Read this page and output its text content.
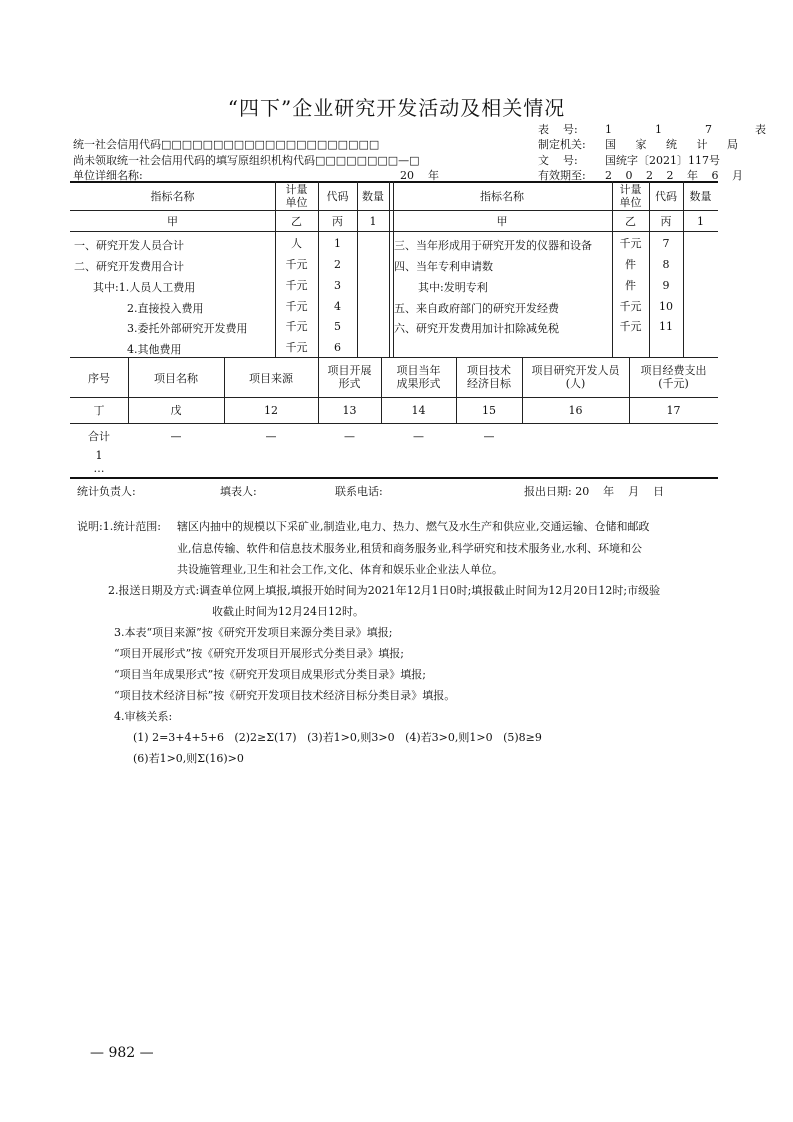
“四下”企业研究开发活动及相关情况
统一社会信用代码□□□□□□□□□□□□□□□□□□□□□
尚未领取统一社会信用代码的填写原组织机构代码□□□□□□□□—□
单位详细名称:	20    年
表    号: 1  1  7  表
制定机关: 国 家 统 计 局
文    号: 国统字〔2021〕117号
有效期至: 2 0 2 2 年 6 月
指标名称
计量
单位	代码	数量	指标名称
计量
单位	代码	数量
甲	乙	丙	1	甲	乙	丙	1
一、研究开发人员合计	人	1
二、研究开发费用合计	千元	2
其中:1.人员人工费用	千元	3
2.直接投入费用	千元	4
3.委托外部研究开发费用	千元	5
4.其他费用	千元	6
三、当年形成用于研究开发的仪器和设备	千元	7
四、当年专利申请数	件	8
其中:发明专利	件	9
五、来自政府部门的研究开发经费	千元	10
六、研究开发费用加计扣除减免税	千元	11
序号	项目名称	项目来源
项目开展
形式
项目当年
成果形式
项目技术
经济目标
项目研究开发人员
(人)
项目经费支出
(千元)
丁	戊	12	13	14	15	16	17
合计	—	—	—	—	—
1
…
统计负责人:	填表人:	联系电话:	报出日期: 20    年    月    日
说明:1.统计范围: 辖区内抽中的规模以下采矿业,制造业,电力、热力、燃气及水生产和供应业,交通运输、仓储和邮政
业,信息传输、软件和信息技术服务业,租赁和商务服务业,科学研究和技术服务业,水利、环境和公
共设施管理业,卫生和社会工作,文化、体育和娱乐业企业法人单位。
2.报送日期及方式:调查单位网上填报,填报开始时间为2021年12月1日0时;填报截止时间为12月20日12时;市级验
收截止时间为12月24日12时。
3.本表“项目来源”按《研究开发项目来源分类目录》填报;
“项目开展形式”按《研究开发项目开展形式分类目录》填报;
“项目当年成果形式”按《研究开发项目成果形式分类目录》填报;
“项目技术经济目标”按《研究开发项目技术经济目标分类目录》填报。
4.审核关系:
(1) 2=3+4+5+6   (2)2≥Σ(17)   (3)若1>0,则3>0   (4)若3>0,则1>0   (5)8≥9
(6)若1>0,则Σ(16)>0
— 982 —
